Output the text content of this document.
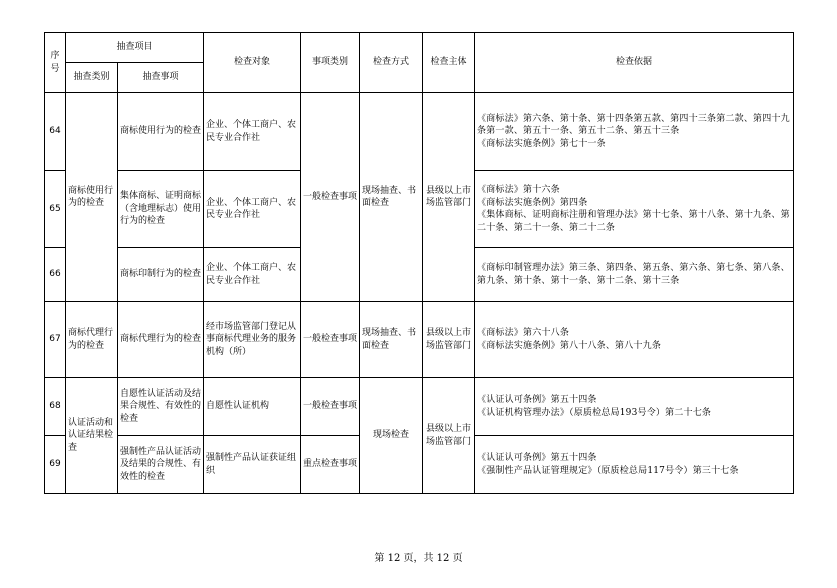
序号	抽查项目		检查对象	事项类别	检查方式	检查主体	检查依据
	抽查类别	抽查事项					
64	商标使用行为的检查	商标使用行为的检查	企业、个体工商户、农民专业合作社	一般检查事项	现场抽查、书面检查	县级以上市场监管部门	《商标法》第六条、第十条、第十四条第五款、第四十三条第二款、第四十九条第一款、第五十一条、第五十二条、第五十三条
《商标法实施条例》第七十一条

65		集体商标、证明商标（含地理标志）使用行为的检查	企业、个体工商户、农民专业合作社				《商标法》第十六条
《商标法实施条例》第四条
《集体商标、证明商标注册和管理办法》第十七条、第十八条、第十九条、第二十条、第二十一条、第二十二条

66		商标印制行为的检查	企业、个体工商户、农民专业合作社				《商标印制管理办法》第三条、第四条、第五条、第六条、第七条、第八条、第九条、第十条、第十一条、第十二条、第十三条

67	商标代理行为的检查	商标代理行为的检查	经市场监管部门登记从事商标代理业务的服务机构（所）	一般检查事项	现场抽查、书面检查	县级以上市场监管部门	《商标法》第六十八条
《商标法实施条例》第八十八条、第八十九条

68	认证活动和认证结果检查	自愿性认证活动及结果合规性、有效性的检查	自愿性认证机构	一般检查事项	现场检查	县级以上市场监管部门	《认证认可条例》第五十四条
《认证机构管理办法》（原质检总局193号令）第二十七条

69		强制性产品认证活动及结果的合规性、有效性的检查	强制性产品认证获证组织	重点检查事项			《认证认可条例》第五十四条
《强制性产品认证管理规定》（原质检总局117号令）第三十七条
第 12 页，共 12 页
